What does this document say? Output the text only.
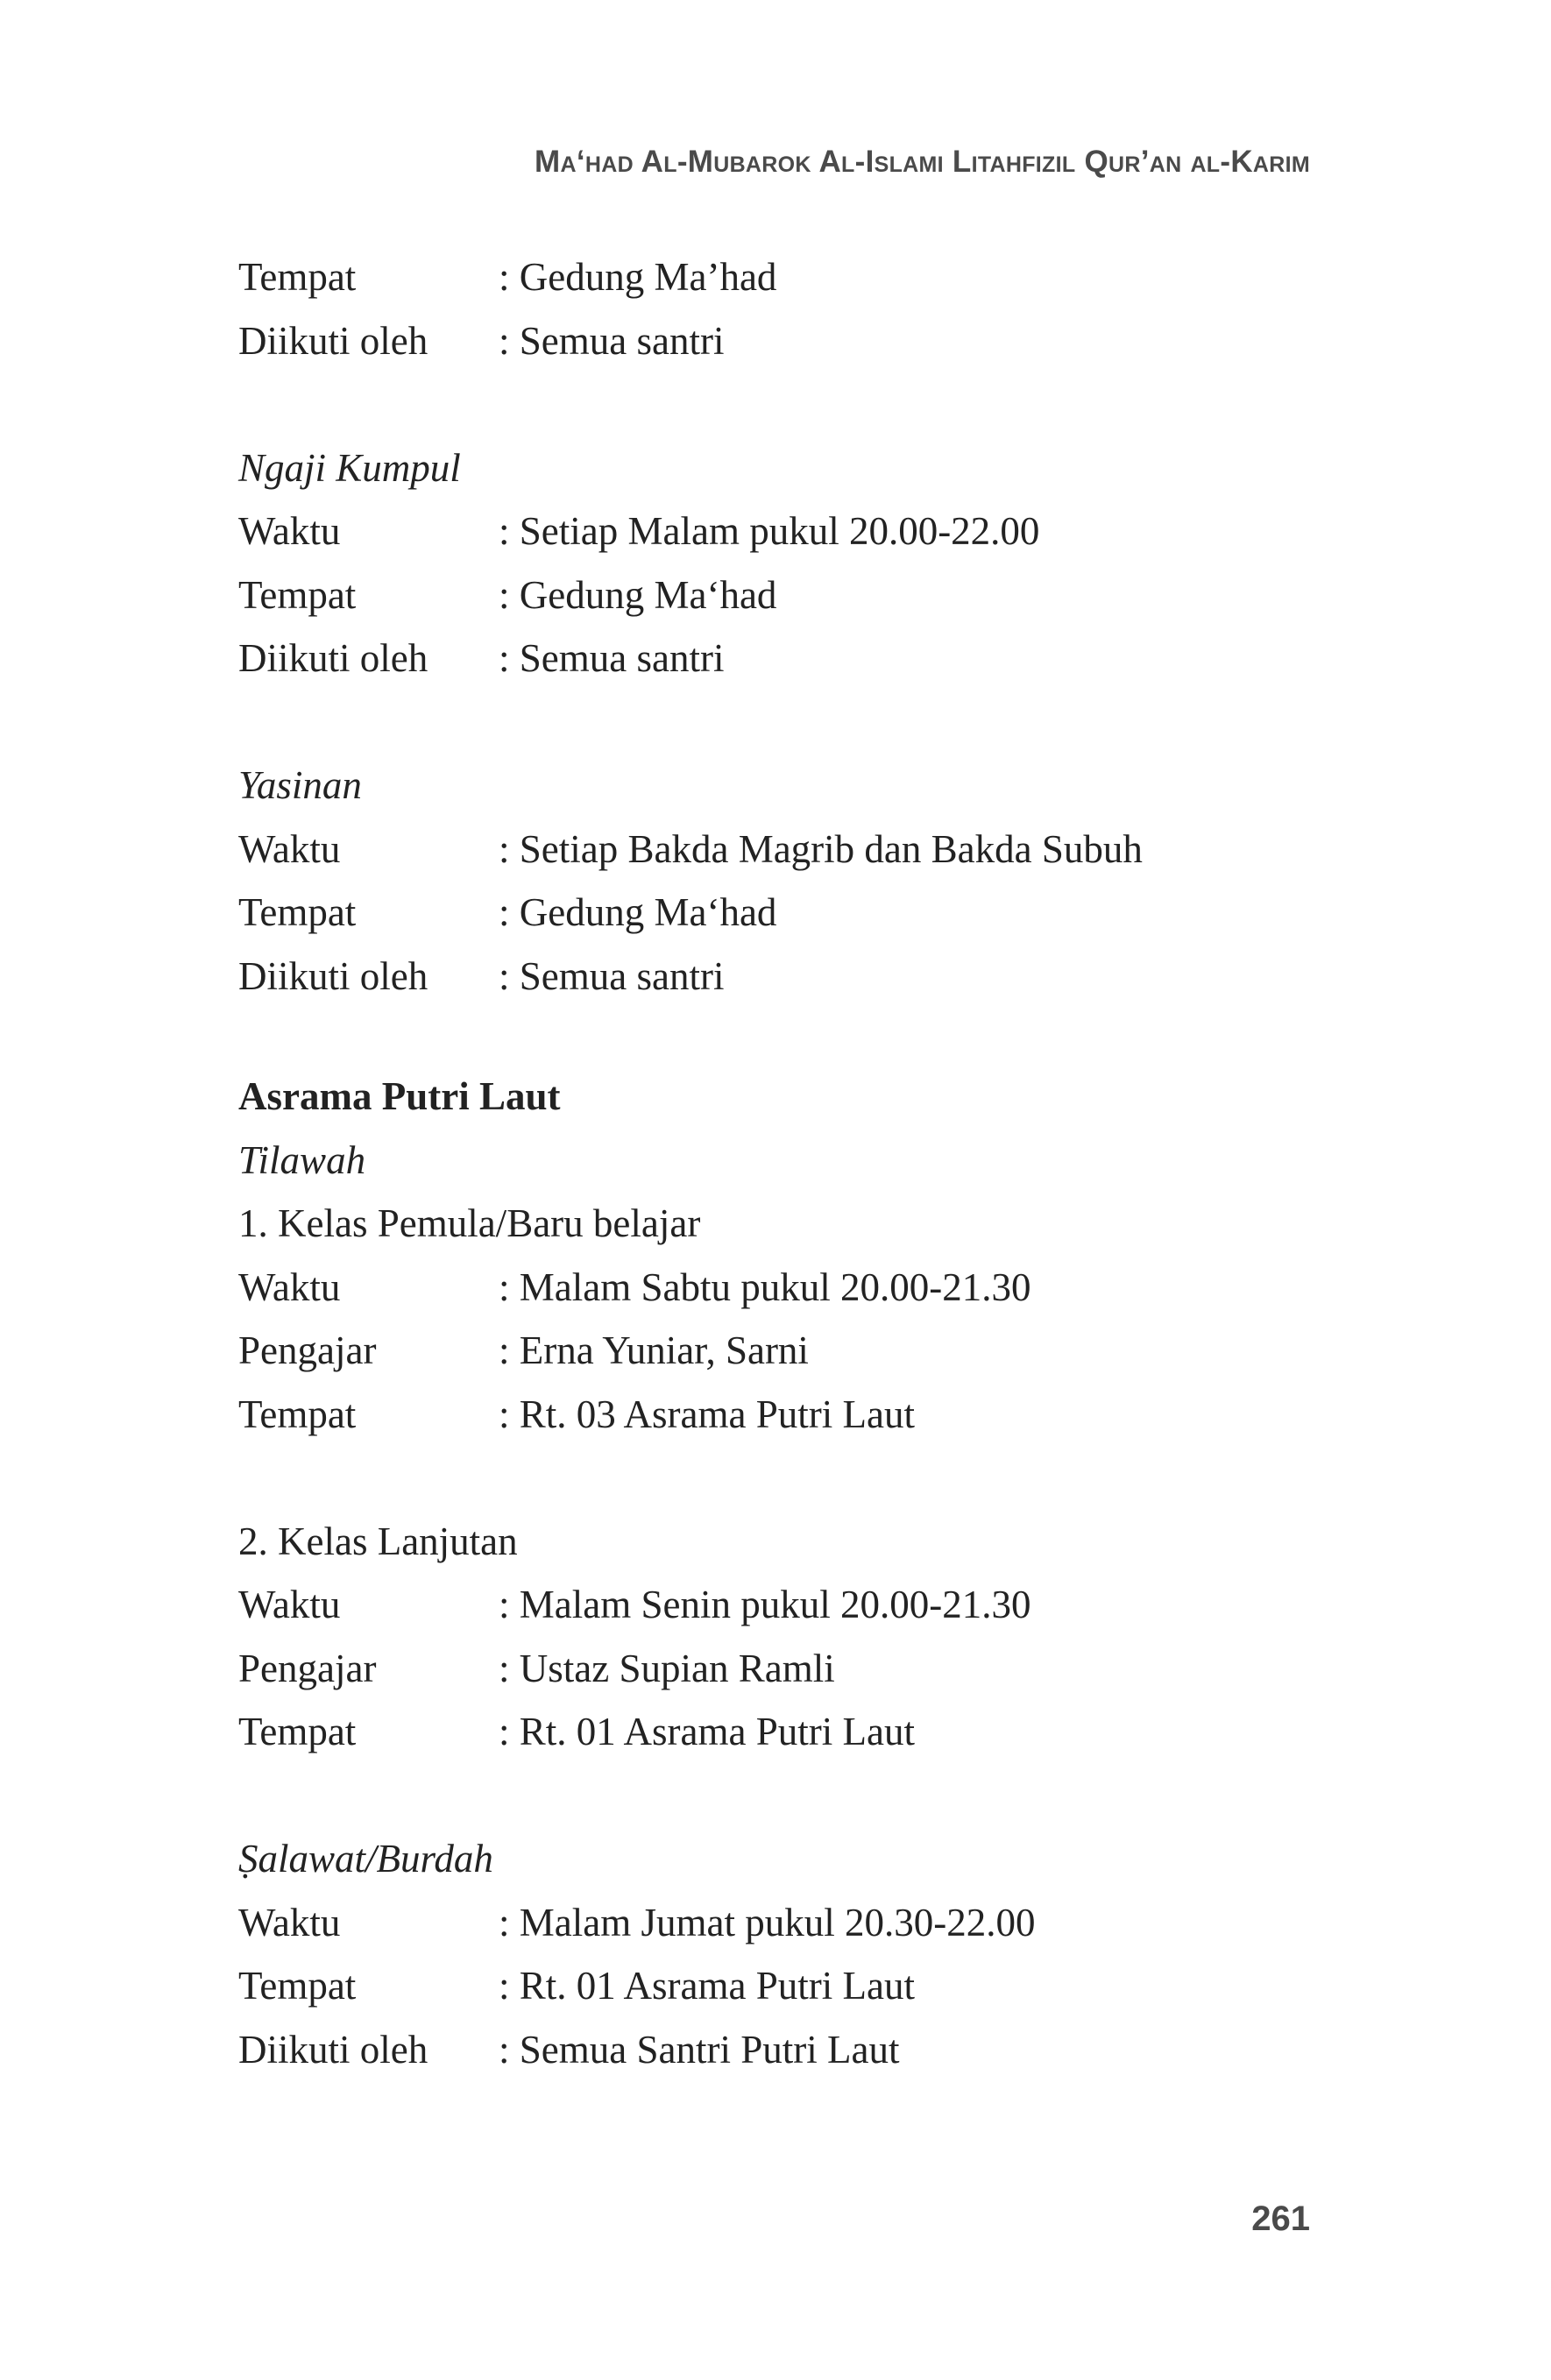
Ma‘had Al-Mubarok Al-Islami Litahfizil Qur’an al-Karim
Tempat	: Gedung Ma’had
Diikuti oleh : Semua santri
Ngaji Kumpul
Waktu	: Setiap Malam pukul 20.00-22.00
Tempat	: Gedung Ma‘had
Diikuti oleh : Semua santri
Yasinan
Waktu	: Setiap Bakda Magrib dan Bakda Subuh
Tempat	: Gedung Ma‘had
Diikuti oleh : Semua santri
Asrama Putri Laut
Tilawah
1. Kelas Pemula/Baru belajar
Waktu	: Malam Sabtu pukul 20.00-21.30
Pengajar	: Erna Yuniar, Sarni
Tempat	: Rt. 03 Asrama Putri Laut
2. Kelas Lanjutan
Waktu	: Malam Senin pukul 20.00-21.30
Pengajar	: Ustaz Supian Ramli
Tempat	: Rt. 01 Asrama Putri Laut
Ṣalawat/Burdah
Waktu	: Malam Jumat pukul 20.30-22.00
Tempat	: Rt. 01 Asrama Putri Laut
Diikuti oleh : Semua Santri Putri Laut
261
